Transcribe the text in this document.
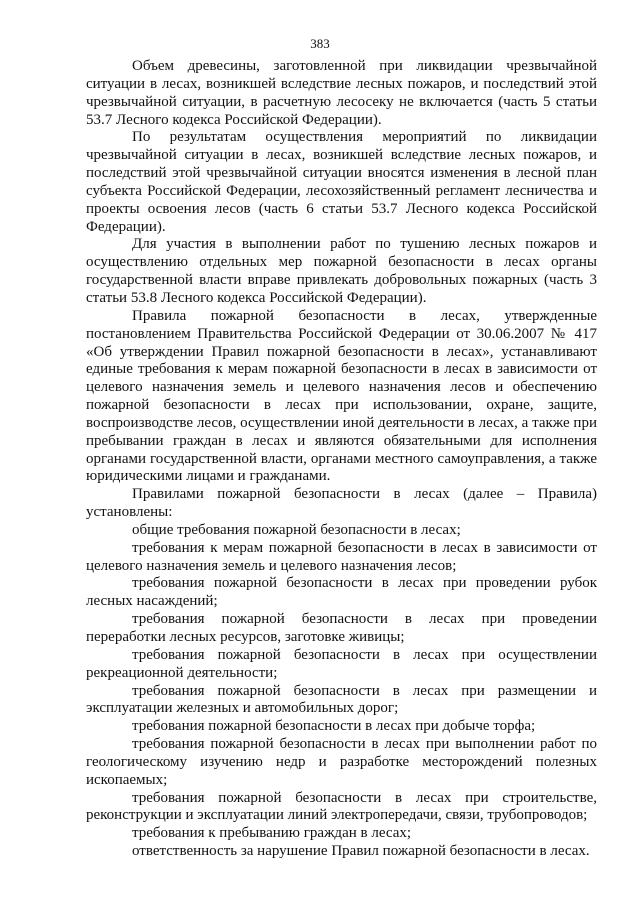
383

Объем древесины, заготовленной при ликвидации чрезвычайной ситуации в лесах, возникшей вследствие лесных пожаров, и последствий этой чрезвычайной ситуации, в расчетную лесосеку не включается (часть 5 статьи 53.7 Лесного кодекса Российской Федерации).

По результатам осуществления мероприятий по ликвидации чрезвычайной ситуации в лесах, возникшей вследствие лесных пожаров, и последствий этой чрезвычайной ситуации вносятся изменения в лесной план субъекта Российской Федерации, лесохозяйственный регламент лесничества и проекты освоения лесов (часть 6 статьи 53.7 Лесного кодекса Российской Федерации).

Для участия в выполнении работ по тушению лесных пожаров и осуществлению отдельных мер пожарной безопасности в лесах органы государственной власти вправе привлекать добровольных пожарных (часть 3 статьи 53.8 Лесного кодекса Российской Федерации).

Правила пожарной безопасности в лесах, утвержденные постановлением Правительства Российской Федерации от 30.06.2007 № 417 «Об утверждении Правил пожарной безопасности в лесах», устанавливают единые требования к мерам пожарной безопасности в лесах в зависимости от целевого назначения земель и целевого назначения лесов и обеспечению пожарной безопасности в лесах при использовании, охране, защите, воспроизводстве лесов, осуществлении иной деятельности в лесах, а также при пребывании граждан в лесах и являются обязательными для исполнения органами государственной власти, органами местного самоуправления, а также юридическими лицами и гражданами.

Правилами пожарной безопасности в лесах (далее – Правила) установлены:

общие требования пожарной безопасности в лесах;

требования к мерам пожарной безопасности в лесах в зависимости от целевого назначения земель и целевого назначения лесов;

требования пожарной безопасности в лесах при проведении рубок лесных насаждений;

требования пожарной безопасности в лесах при проведении переработки лесных ресурсов, заготовке живицы;

требования пожарной безопасности в лесах при осуществлении рекреационной деятельности;

требования пожарной безопасности в лесах при размещении и эксплуатации железных и автомобильных дорог;

требования пожарной безопасности в лесах при добыче торфа;

требования пожарной безопасности в лесах при выполнении работ по геологическому изучению недр и разработке месторождений полезных ископаемых;

требования пожарной безопасности в лесах при строительстве, реконструкции и эксплуатации линий электропередачи, связи, трубопроводов;

требования к пребыванию граждан в лесах;

ответственность за нарушение Правил пожарной безопасности в лесах.
